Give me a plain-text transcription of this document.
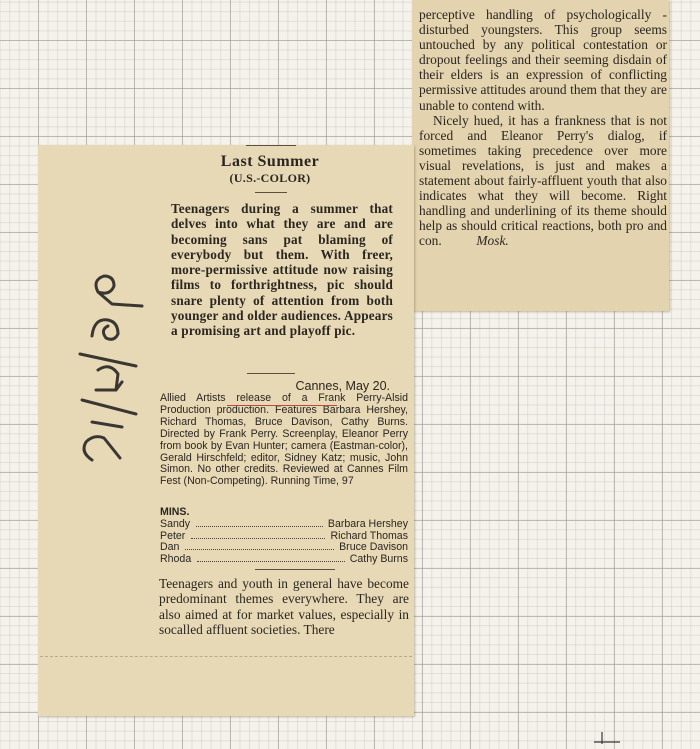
Last Summer
(U.S.-COLOR)
Teenagers during a summer that delves into what they are and are becoming sans pat blaming of everybody but them. With freer, more-permissive attitude now raising films to forthrightness, pic should snare plenty of attention from both younger and older audiences. Appears a promising art and playoff pic.
Cannes, May 20.
Allied Artists release of a Frank Perry-Alsid Production production. Features Barbara Hershey, Richard Thomas, Bruce Davison, Cathy Burns. Directed by Frank Perry. Screenplay, Eleanor Perry from book by Evan Hunter; camera (Eastman-color), Gerald Hirschfeld; editor, Sidney Katz; music, John Simon. No other credits. Reviewed at Cannes Film Fest (Non-Competing). Running Time, 97
MINS.
Sandy	Barbara Hershey
Peter	Richard Thomas
Dan	Bruce Davison
Rhoda	Cathy Burns
Teenagers and youth in general have become predominant themes everywhere. They are also aimed at for market values, especially in socalled affluent societies. There
perceptive handling of psychologically - disturbed youngsters. This group seems untouched by any political contestation or dropout feelings and their seeming disdain of their elders is an expression of conflicting permissive attitudes around them that they are unable to contend with.
Nicely hued, it has a frankness that is not forced and Eleanor Perry's dialog, if sometimes taking precedence over more visual revelations, is just and makes a statement about fairly-affluent youth that also indicates what they will become. Right handling and underlining of its theme should help as should critical reactions, both pro and con.	Mosk.
